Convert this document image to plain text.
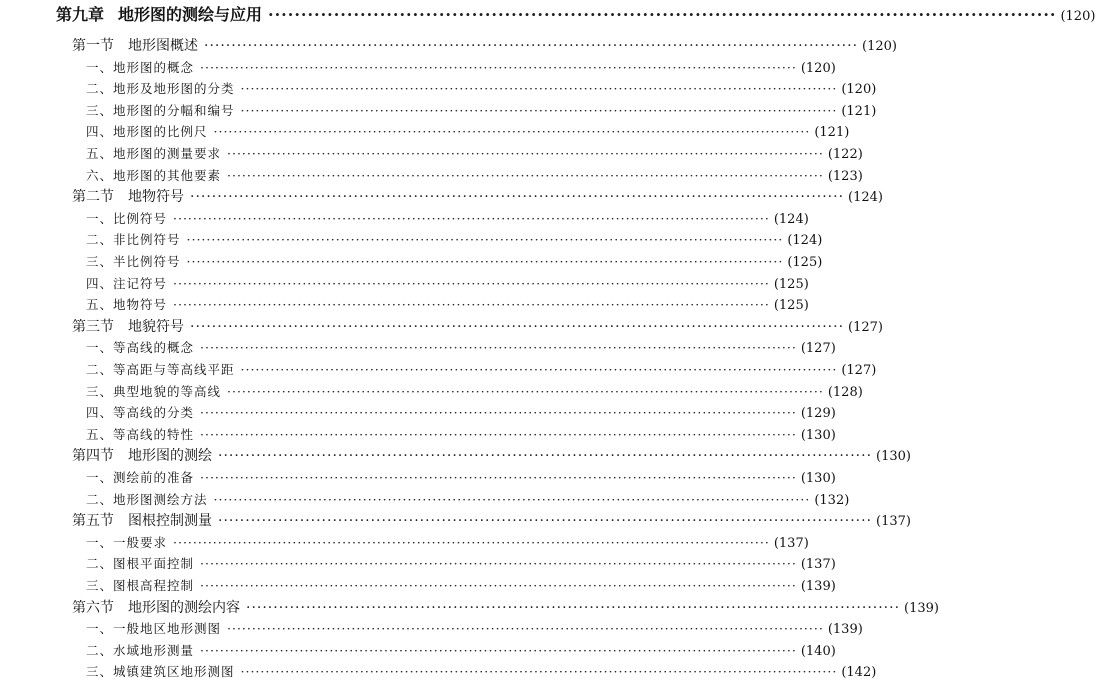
第九章 地形图的测绘与应用 ························································································································ (120)
第一节 地形图概述 ························································································································ (120)
一、地形图的概念 ························································································································ (120)
二、地形及地形图的分类 ························································································································ (120)
三、地形图的分幅和编号 ························································································································ (121)
四、地形图的比例尺 ························································································································ (121)
五、地形图的测量要求 ························································································································ (122)
六、地形图的其他要素 ························································································································ (123)
第二节 地物符号 ························································································································ (124)
一、比例符号 ························································································································ (124)
二、非比例符号 ························································································································ (124)
三、半比例符号 ························································································································ (125)
四、注记符号 ························································································································ (125)
五、地物符号 ························································································································ (125)
第三节 地貌符号 ························································································································ (127)
一、等高线的概念 ························································································································ (127)
二、等高距与等高线平距 ························································································································ (127)
三、典型地貌的等高线 ························································································································ (128)
四、等高线的分类 ························································································································ (129)
五、等高线的特性 ························································································································ (130)
第四节 地形图的测绘 ························································································································ (130)
一、测绘前的准备 ························································································································ (130)
二、地形图测绘方法 ························································································································ (132)
第五节 图根控制测量 ························································································································ (137)
一、一般要求 ························································································································ (137)
二、图根平面控制 ························································································································ (137)
三、图根高程控制 ························································································································ (139)
第六节 地形图的测绘内容 ························································································································ (139)
一、一般地区地形测图 ························································································································ (139)
二、水域地形测量 ························································································································ (140)
三、城镇建筑区地形测图 ························································································································ (142)
